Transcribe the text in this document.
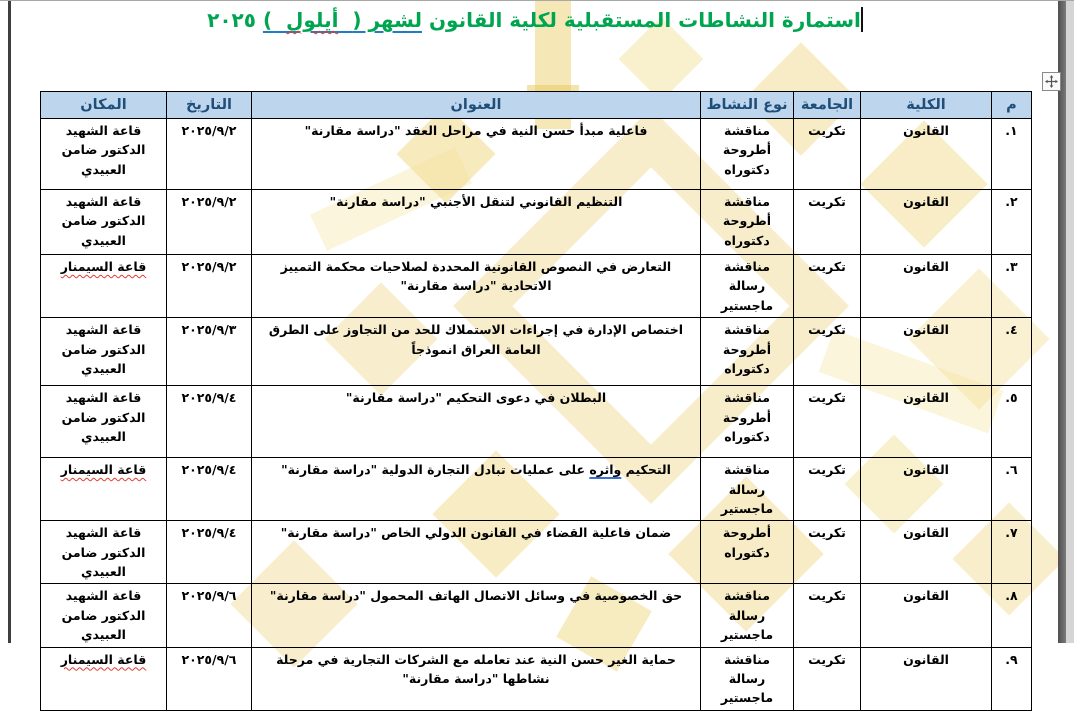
استمارة النشاطات المستقبلية لكلية القانون لشهر (  أيلول  ) ٢٠٢٥
م	الكلية	الجامعة	نوع النشاط	العنوان	التاريخ	المكان
١.	القانون	تكريت	مناقشة أطروحة دكتوراه	فاعلية مبدأ حسن النية في مراحل العقد "دراسة مقارنة"	٢٠٢٥/٩/٢	قاعة الشهيد الدكتور ضامن العبيدي
٢.	القانون	تكريت	مناقشة أطروحة دكتوراه	التنظيم القانوني لتنقل الأجنبي "دراسة مقارنة"	٢٠٢٥/٩/٢	قاعة الشهيد الدكتور ضامن العبيدي
٣.	القانون	تكريت	مناقشة رسالة ماجستير	التعارض في النصوص القانونية المحددة لصلاحيات محكمة التمييز الاتحادية "دراسة مقارنة"	٢٠٢٥/٩/٢	قاعة السيمنار
٤.	القانون	تكريت	مناقشة أطروحة دكتوراه	اختصاص الإدارة في إجراءات الاستملاك للحد من التجاوز على الطرق العامة العراق انموذجاً	٢٠٢٥/٩/٣	قاعة الشهيد الدكتور ضامن العبيدي
٥.	القانون	تكريت	مناقشة أطروحة دكتوراه	البطلان في دعوى التحكيم "دراسة مقارنة"	٢٠٢٥/٩/٤	قاعة الشهيد الدكتور ضامن العبيدي
٦.	القانون	تكريت	مناقشة رسالة ماجستير	التحكيم واثره على عمليات تبادل التجارة الدولية "دراسة مقارنة"	٢٠٢٥/٩/٤	قاعة السيمنار
٧.	القانون	تكريت	أطروحة دكتوراه	ضمان فاعلية القضاء في القانون الدولي الخاص "دراسة مقارنة"	٢٠٢٥/٩/٤	قاعة الشهيد الدكتور ضامن العبيدي
٨.	القانون	تكريت	مناقشة رسالة ماجستير	حق الخصوصية في وسائل الاتصال الهاتف المحمول "دراسة مقارنة"	٢٠٢٥/٩/٦	قاعة الشهيد الدكتور ضامن العبيدي
٩.	القانون	تكريت	مناقشة رسالة ماجستير	حماية الغير حسن النية عند تعامله مع الشركات التجارية في مرحلة نشاطها "دراسة مقارنة"	٢٠٢٥/٩/٦	قاعة السيمنار
